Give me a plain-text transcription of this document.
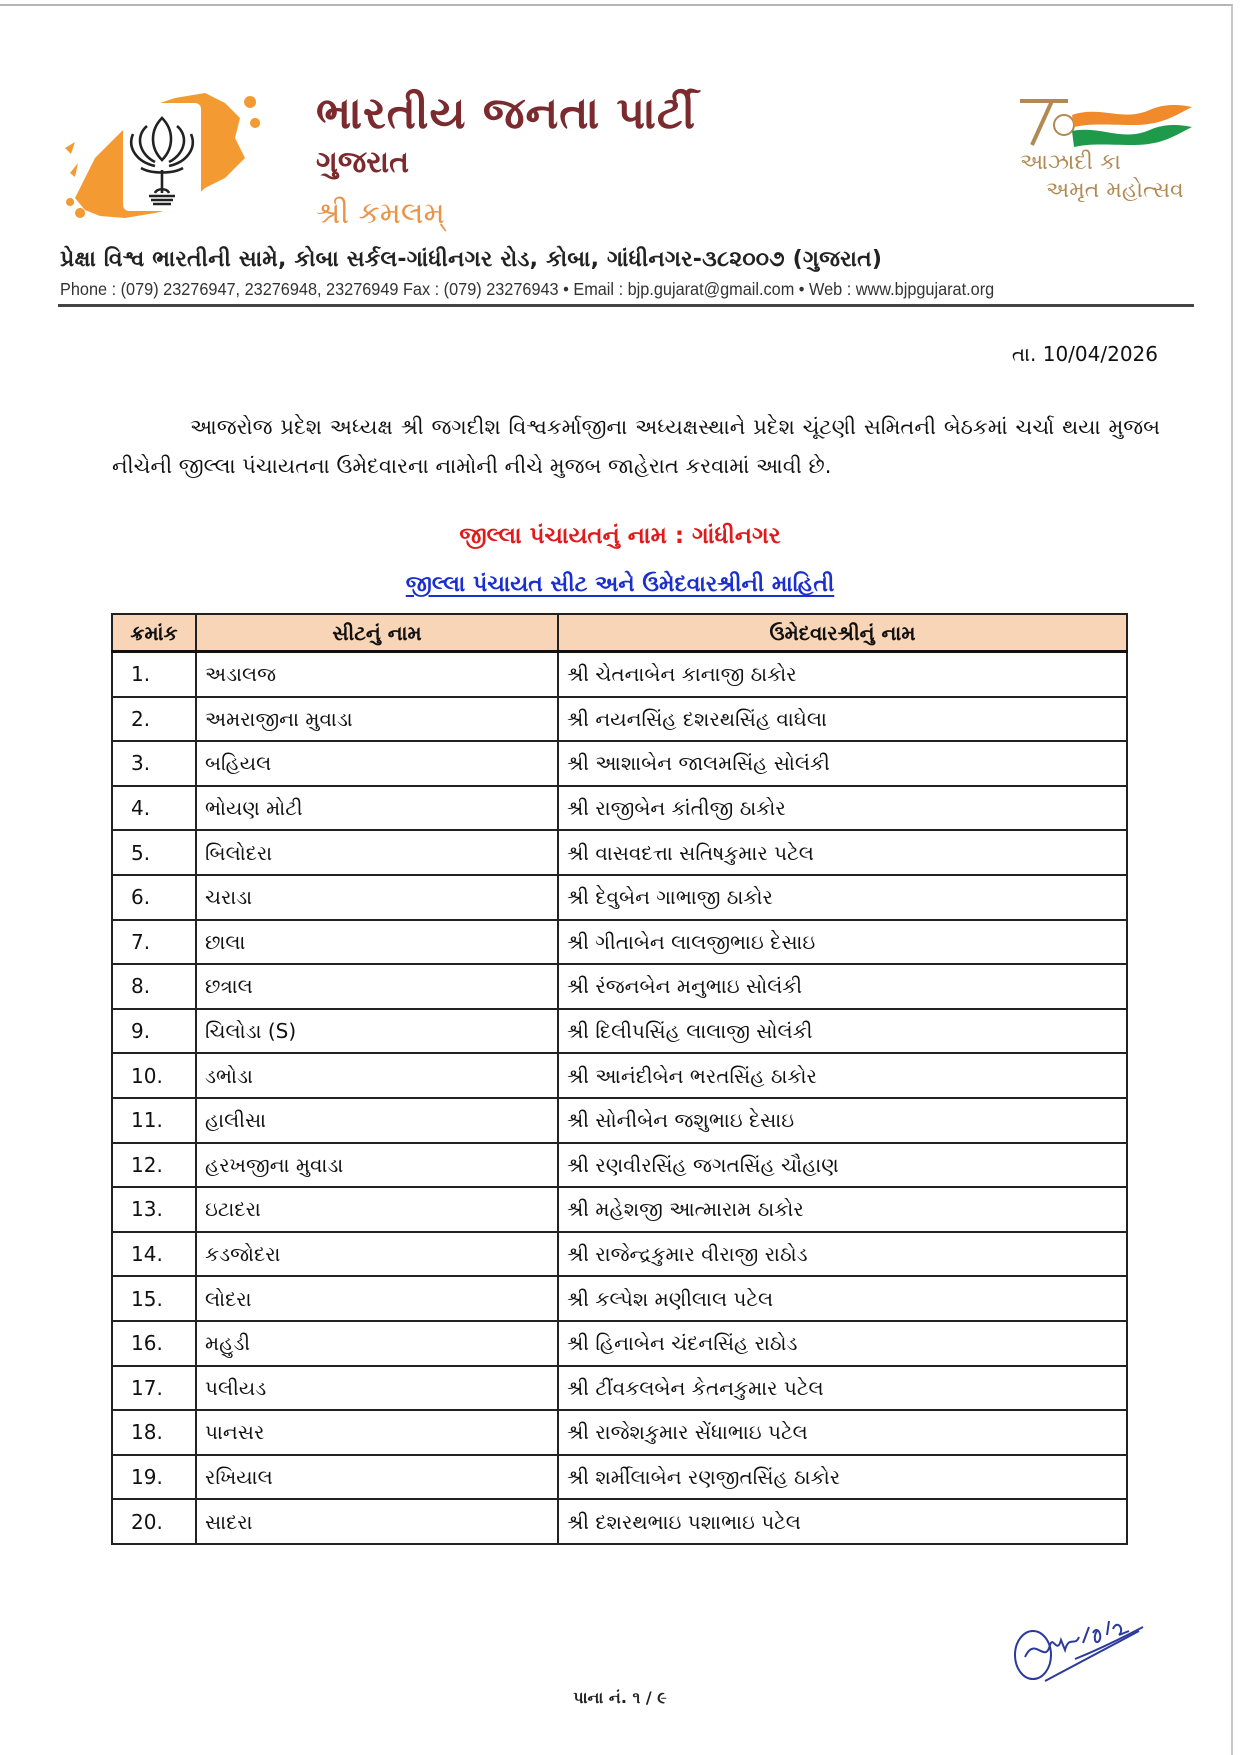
ભારતીય જનતા પાર્ટી
ગુજરાત
શ્રી કમલમ્
આઝાદી કા
અમૃત મહોત્સવ
પ્રેક્ષા વિશ્વ ભારતીની સામે, કોબા સર્કલ-ગાંધીનગર રોડ, કોબા, ગાંધીનગર-૩૮૨૦૦૭ (ગુજરાત)
Phone : (079) 23276947, 23276948, 23276949 Fax : (079) 23276943 • Email : bjp.gujarat@gmail.com • Web : www.bjpgujarat.org
તા. 10/04/2026
આજરોજ પ્રદેશ અધ્યક્ષ શ્રી જગદીશ વિશ્વકર્માજીના અધ્યક્ષસ્થાને પ્રદેશ ચૂંટણી સમિતની બેઠકમાં ચર્ચા થયા મુજબ નીચેની જીલ્લા પંચાયતના ઉમેદવારના નામોની નીચે મુજબ જાહેરાત કરવામાં આવી છે.
જીલ્લા પંચાયતનું નામ : ગાંધીનગર
જીલ્લા પંચાયત સીટ અને ઉમેદવારશ્રીની માહિતી
ક્રમાંક	સીટનું નામ	ઉમેદવારશ્રીનું નામ
1.	અડાલજ	શ્રી ચેતનાબેન કાનાજી ઠાકોર
2.	અમરાજીના મુવાડા	શ્રી નયનસિંહ દશરથસિંહ વાઘેલા
3.	બહિયલ	શ્રી આશાબેન જાલમસિંહ સોલંકી
4.	ભોયણ મોટી	શ્રી રાજીબેન કાંતીજી ઠાકોર
5.	બિલોદરા	શ્રી વાસવદત્તા સતિષકુમાર પટેલ
6.	ચરાડા	શ્રી દેવુબેન ગાભાજી ઠાકોર
7.	છાલા	શ્રી ગીતાબેન લાલજીભાઇ દેસાઇ
8.	છત્રાલ	શ્રી રંજનબેન મનુભાઇ સોલંકી
9.	ચિલોડા (S)	શ્રી દિલીપસિંહ લાલાજી સોલંકી
10.	ડભોડા	શ્રી આનંદીબેન ભરતસિંહ ઠાકોર
11.	હાલીસા	શ્રી સોનીબેન જશુભાઇ દેસાઇ
12.	હરખજીના મુવાડા	શ્રી રણવીરસિંહ જગતસિંહ ચૌહાણ
13.	ઇટાદરા	શ્રી મહેશજી આત્મારામ ઠાકોર
14.	કડજોદરા	શ્રી રાજેન્દ્રકુમાર વીરાજી રાઠોડ
15.	લોદરા	શ્રી કલ્પેશ મણીલાલ પટેલ
16.	મહુડી	શ્રી હિનાબેન ચંદનસિંહ રાઠોડ
17.	પલીયડ	શ્રી ટીંવકલબેન કેતનકુમાર પટેલ
18.	પાનસર	શ્રી રાજેશકુમાર સેંધાભાઇ પટેલ
19.	રખિયાલ	શ્રી શર્મીલાબેન રણજીતસિંહ ઠાકોર
20.	સાદરા	શ્રી દશરથભાઇ પશાભાઇ પટેલ
પાના નં. ૧ / ૯
